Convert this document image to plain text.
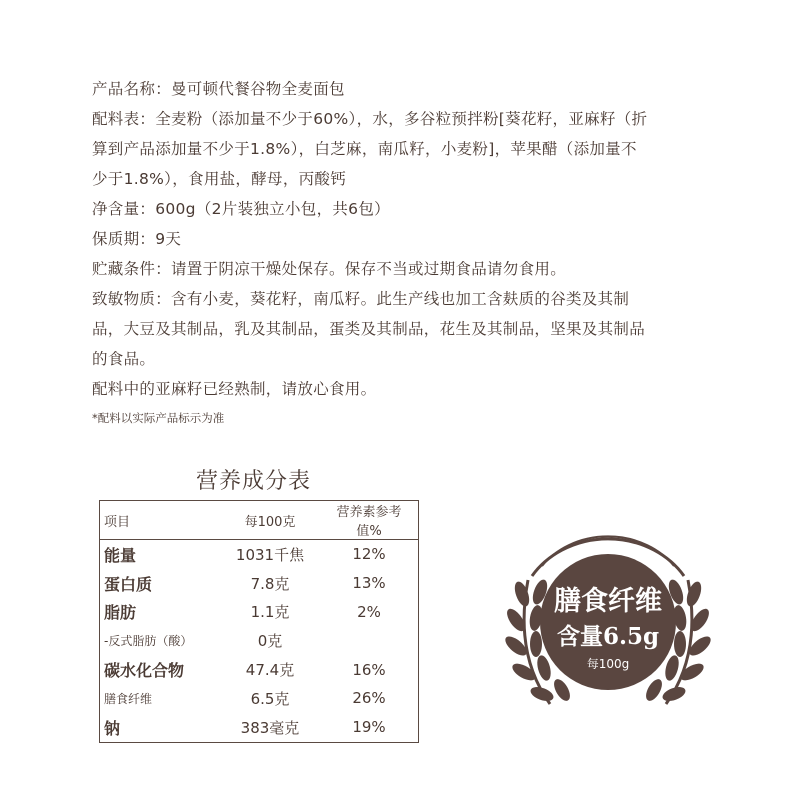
产品名称：曼可顿代餐谷物全麦面包
配料表：全麦粉（添加量不少于60%），水，多谷粒预拌粉[葵花籽，亚麻籽（折
算到产品添加量不少于1.8%），白芝麻，南瓜籽，小麦粉]，苹果醋（添加量不
少于1.8%），食用盐，酵母，丙酸钙
净含量：600g（2片装独立小包，共6包）
保质期：9天
贮藏条件：请置于阴凉干燥处保存。保存不当或过期食品请勿食用。
致敏物质：含有小麦，葵花籽，南瓜籽。此生产线也加工含麸质的谷类及其制
品，大豆及其制品，乳及其制品，蛋类及其制品，花生及其制品，坚果及其制品
的食品。
配料中的亚麻籽已经熟制，请放心食用。
*配料以实际产品标示为准
营养成分表
项目	每100克	营养素参考值%
能量	1031千焦	12%
蛋白质	7.8克	13%
脂肪	1.1克	2%
-反式脂肪（酸）	0克	
碳水化合物	47.4克	16%
膳食纤维	6.5克	26%
钠	383毫克	19%
膳食纤维
含量6.5g
每100g
